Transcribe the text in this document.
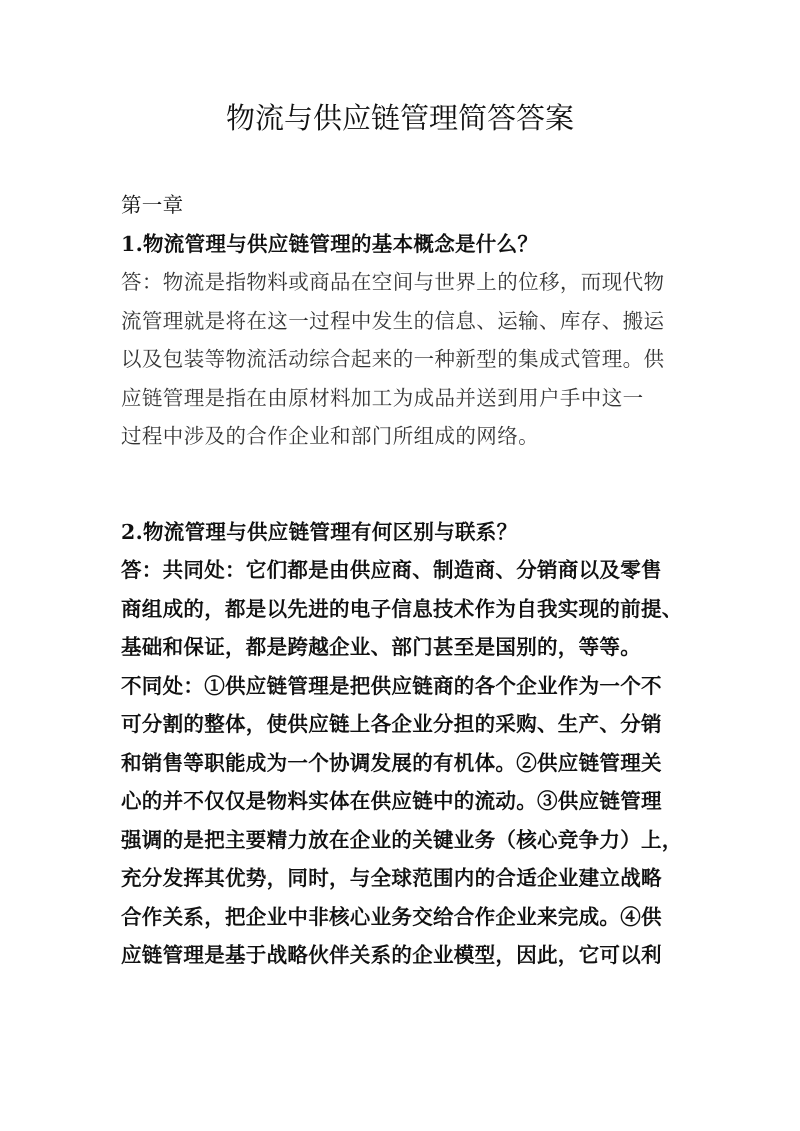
物流与供应链管理简答答案
第一章
1.物流管理与供应链管理的基本概念是什么？
答：物流是指物料或商品在空间与世界上的位移，而现代物
流管理就是将在这一过程中发生的信息、运输、库存、搬运
以及包装等物流活动综合起来的一种新型的集成式管理。供
应链管理是指在由原材料加工为成品并送到用户手中这一
过程中涉及的合作企业和部门所组成的网络。
2.物流管理与供应链管理有何区别与联系？
答：共同处：它们都是由供应商、制造商、分销商以及零售
商组成的，都是以先进的电子信息技术作为自我实现的前提、
基础和保证，都是跨越企业、部门甚至是国别的，等等。
不同处：①供应链管理是把供应链商的各个企业作为一个不
可分割的整体，使供应链上各企业分担的采购、生产、分销
和销售等职能成为一个协调发展的有机体。②供应链管理关
心的并不仅仅是物料实体在供应链中的流动。③供应链管理
强调的是把主要精力放在企业的关键业务（核心竞争力）上，
充分发挥其优势，同时，与全球范围内的合适企业建立战略
合作关系，把企业中非核心业务交给合作企业来完成。④供
应链管理是基于战略伙伴关系的企业模型，因此，它可以利
